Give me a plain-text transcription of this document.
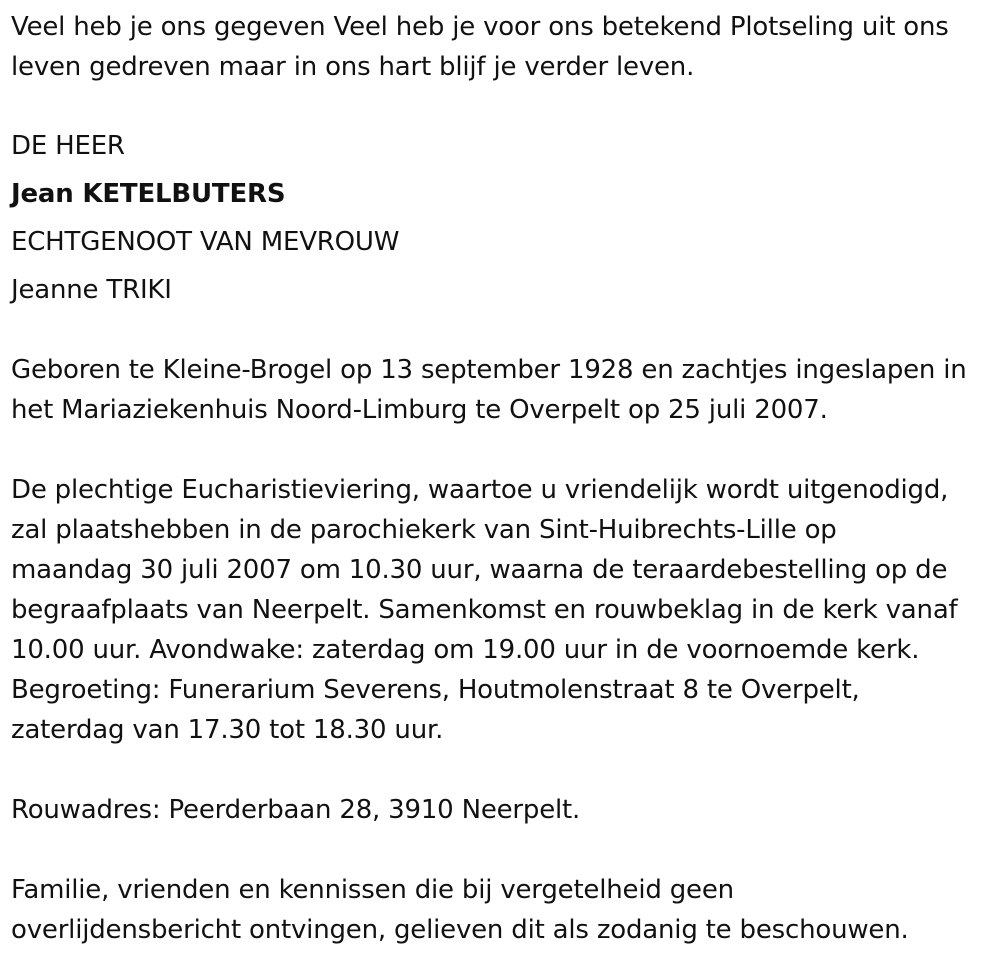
Veel heb je ons gegeven Veel heb je voor ons betekend Plotseling uit ons

leven gedreven maar in ons hart blijf je verder leven.

DE HEER

Jean KETELBUTERS

ECHTGENOOT VAN MEVROUW

Jeanne TRIKI

Geboren te Kleine-Brogel op 13 september 1928 en zachtjes ingeslapen in

het Mariaziekenhuis Noord-Limburg te Overpelt op 25 juli 2007.

De plechtige Eucharistieviering, waartoe u vriendelijk wordt uitgenodigd,

zal plaatshebben in de parochiekerk van Sint-Huibrechts-Lille op

maandag 30 juli 2007 om 10.30 uur, waarna de teraardebestelling op de

begraafplaats van Neerpelt. Samenkomst en rouwbeklag in de kerk vanaf

10.00 uur. Avondwake: zaterdag om 19.00 uur in de voornoemde kerk.

Begroeting: Funerarium Severens, Houtmolenstraat 8 te Overpelt,

zaterdag van 17.30 tot 18.30 uur.

Rouwadres: Peerderbaan 28, 3910 Neerpelt.

Familie, vrienden en kennissen die bij vergetelheid geen

overlijdensbericht ontvingen, gelieven dit als zodanig te beschouwen.
